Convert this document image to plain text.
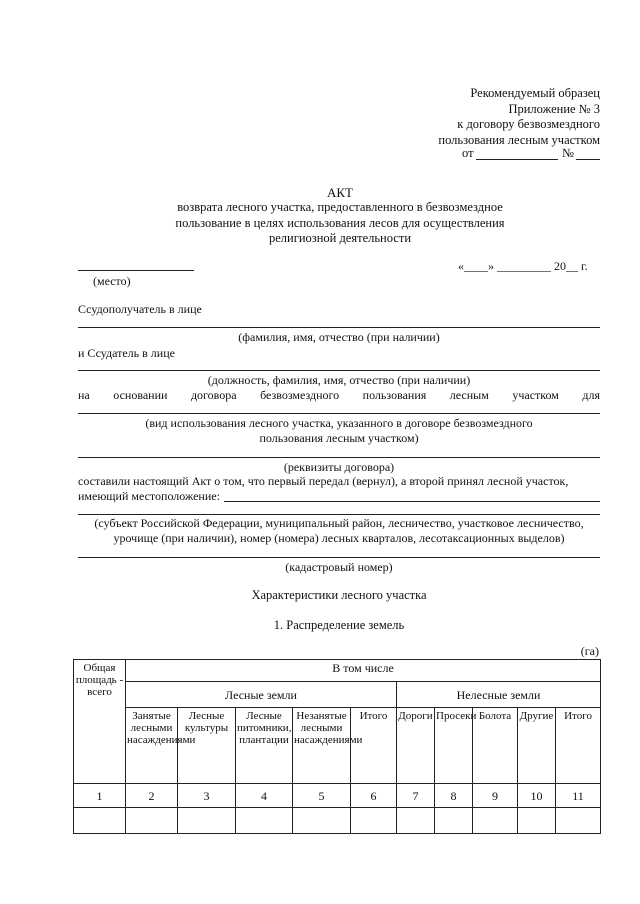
Рекомендуемый образец
Приложение № 3
к договору безвозмездного
пользования лесным участком
от	№
АКТ
возврата лесного участка, предоставленного в безвозмездное
пользование в целях использования лесов для осуществления
религиозной деятельности
(место)
«____» _________ 20__ г.
Ссудополучатель в лице
(фамилия, имя, отчество (при наличии)
и Ссудатель в лице
(должность, фамилия, имя, отчество (при наличии)
на основании договора безвозмездного пользования лесным участком для
(вид использования лесного участка, указанного в договоре безвозмездного
пользования лесным участком)
(реквизиты договора)
составили настоящий Акт о том, что первый передал (вернул), а второй принял лесной участок,
имеющий местоположение:
(субъект Российской Федерации, муниципальный район, лесничество, участковое лесничество,
урочище (при наличии), номер (номера) лесных кварталов, лесотаксационных выделов)
(кадастровый номер)
Характеристики лесного участка
1. Распределение земель
(га)
Общая площадь - всего	В том числе									
	Лесные земли					Нелесные земли				
	Занятые лесными насаждениями	Лесные культуры	Лесные питомники, плантации	Незанятые лесными насаждениями	Итого	Дороги	Просеки	Болота	Другие	Итого
1	2	3	4	5	6	7	8	9	10	11
